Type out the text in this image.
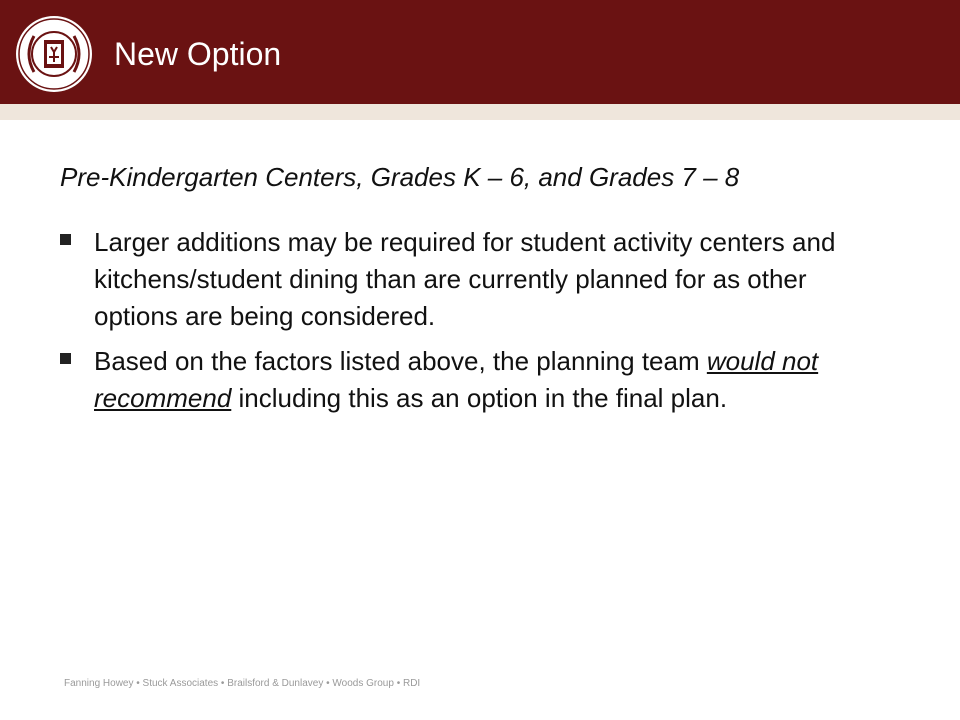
New Option
Pre-Kindergarten Centers, Grades K – 6, and Grades 7 – 8
Larger additions may be required for student activity centers and kitchens/student dining than are currently planned for as other options are being considered.
Based on the factors listed above, the planning team would not recommend including this as an option in the final plan.
Fanning Howey • Stuck Associates • Brailsford & Dunlavey • Woods Group • RDI
